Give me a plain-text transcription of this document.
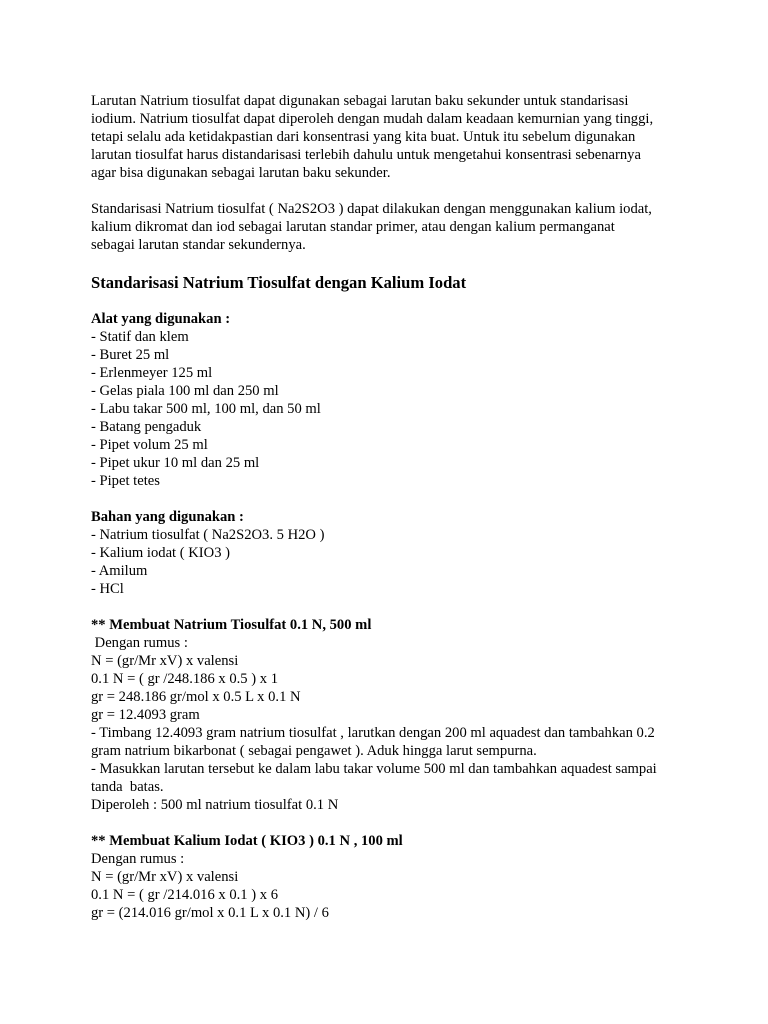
Larutan Natrium tiosulfat dapat digunakan sebagai larutan baku sekunder untuk standarisasi
iodium. Natrium tiosulfat dapat diperoleh dengan mudah dalam keadaan kemurnian yang tinggi,
tetapi selalu ada ketidakpastian dari konsentrasi yang kita buat. Untuk itu sebelum digunakan
larutan tiosulfat harus distandarisasi terlebih dahulu untuk mengetahui konsentrasi sebenarnya
agar bisa digunakan sebagai larutan baku sekunder.
Standarisasi Natrium tiosulfat ( Na2S2O3 ) dapat dilakukan dengan menggunakan kalium iodat,
kalium dikromat dan iod sebagai larutan standar primer, atau dengan kalium permanganat
sebagai larutan standar sekundernya.
Standarisasi Natrium Tiosulfat dengan Kalium Iodat
Alat yang digunakan :
- Statif dan klem
- Buret 25 ml
- Erlenmeyer 125 ml
- Gelas piala 100 ml dan 250 ml
- Labu takar 500 ml, 100 ml, dan 50 ml
- Batang pengaduk
- Pipet volum 25 ml
- Pipet ukur 10 ml dan 25 ml
- Pipet tetes
Bahan yang digunakan :
- Natrium tiosulfat ( Na2S2O3. 5 H2O )
- Kalium iodat ( KIO3 )
- Amilum
- HCl
** Membuat Natrium Tiosulfat 0.1 N, 500 ml
Dengan rumus :
N = (gr/Mr xV) x valensi
0.1 N = ( gr /248.186 x 0.5 ) x 1
gr = 248.186 gr/mol x 0.5 L x 0.1 N
gr = 12.4093 gram
- Timbang 12.4093 gram natrium tiosulfat , larutkan dengan 200 ml aquadest dan tambahkan 0.2
gram natrium bikarbonat ( sebagai pengawet ). Aduk hingga larut sempurna.
- Masukkan larutan tersebut ke dalam labu takar volume 500 ml dan tambahkan aquadest sampai
tanda  batas.
Diperoleh : 500 ml natrium tiosulfat 0.1 N
** Membuat Kalium Iodat ( KIO3 ) 0.1 N , 100 ml
Dengan rumus :
N = (gr/Mr xV) x valensi
0.1 N = ( gr /214.016 x 0.1 ) x 6
gr = (214.016 gr/mol x 0.1 L x 0.1 N) / 6
